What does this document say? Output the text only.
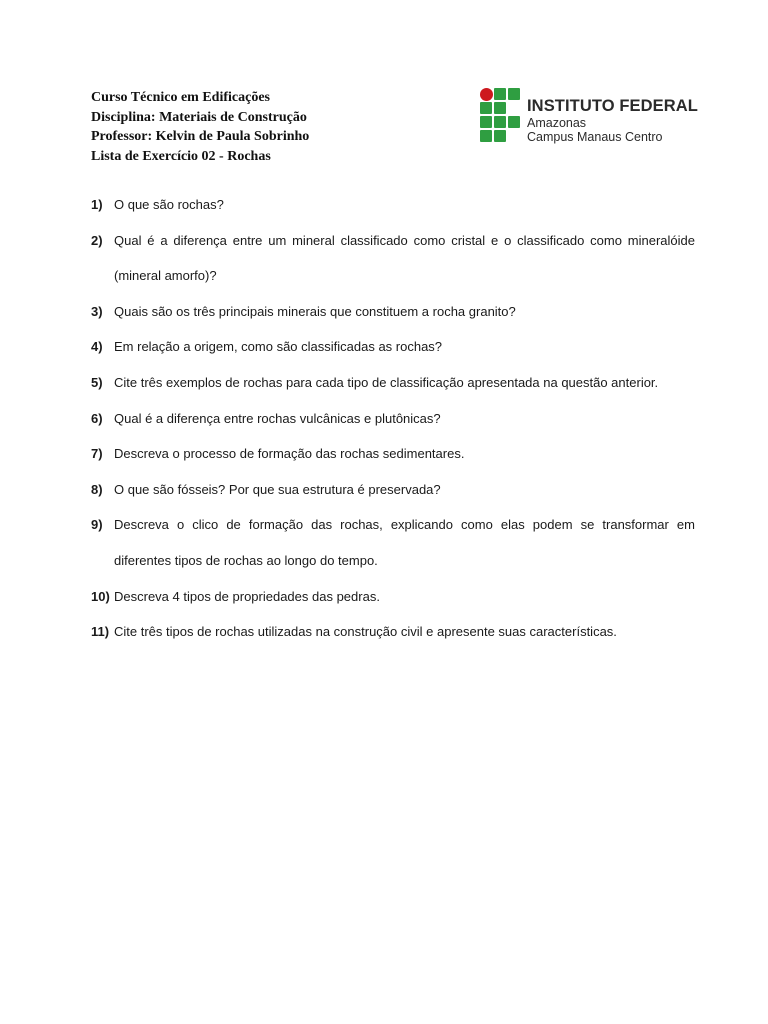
Curso Técnico em Edificações
Disciplina: Materiais de Construção
Professor: Kelvin de Paula Sobrinho
Lista de Exercício 02 - Rochas
INSTITUTO FEDERAL
Amazonas
Campus Manaus Centro
1) O que são rochas?
2) Qual é a diferença entre um mineral classificado como cristal e o classificado como mineralóide (mineral amorfo)?
3) Quais são os três principais minerais que constituem a rocha granito?
4) Em relação a origem, como são classificadas as rochas?
5) Cite três exemplos de rochas para cada tipo de classificação apresentada na questão anterior.
6) Qual é a diferença entre rochas vulcânicas e plutônicas?
7) Descreva o processo de formação das rochas sedimentares.
8) O que são fósseis? Por que sua estrutura é preservada?
9) Descreva o clico de formação das rochas, explicando como elas podem se transformar em diferentes tipos de rochas ao longo do tempo.
10) Descreva 4 tipos de propriedades das pedras.
11) Cite três tipos de rochas utilizadas na construção civil e apresente suas características.
